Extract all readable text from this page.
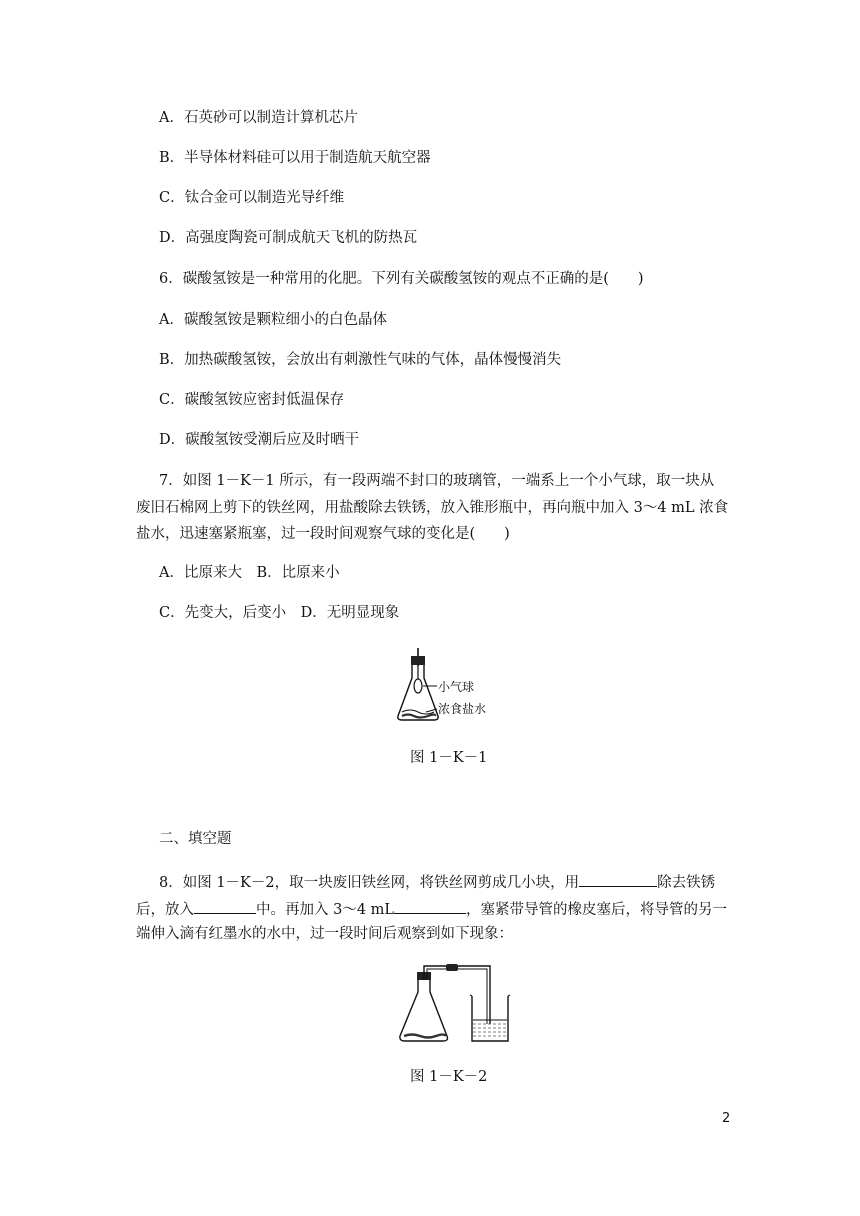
A．石英砂可以制造计算机芯片
B．半导体材料硅可以用于制造航天航空器
C．钛合金可以制造光导纤维
D．高强度陶瓷可制成航天飞机的防热瓦
6．碳酸氢铵是一种常用的化肥。下列有关碳酸氢铵的观点不正确的是(　　)
A．碳酸氢铵是颗粒细小的白色晶体
B．加热碳酸氢铵，会放出有刺激性气味的气体，晶体慢慢消失
C．碳酸氢铵应密封低温保存
D．碳酸氢铵受潮后应及时晒干
7．如图 1－K－1 所示，有一段两端不封口的玻璃管，一端系上一个小气球，取一块从
废旧石棉网上剪下的铁丝网，用盐酸除去铁锈，放入锥形瓶中，再向瓶中加入 3～4 mL 浓食
盐水，迅速塞紧瓶塞，过一段时间观察气球的变化是(　　)
A．比原来大　B．比原来小
C．先变大，后变小　D．无明显现象
小气球
浓食盐水
图 1－K－1
二、填空题
8．如图 1－K－2，取一块废旧铁丝网，将铁丝网剪成几小块，用	除去铁锈
后，放入	中。再加入 3～4 mL	，塞紧带导管的橡皮塞后，将导管的另一
端伸入滴有红墨水的水中，过一段时间后观察到如下现象：
图 1－K－2
2
